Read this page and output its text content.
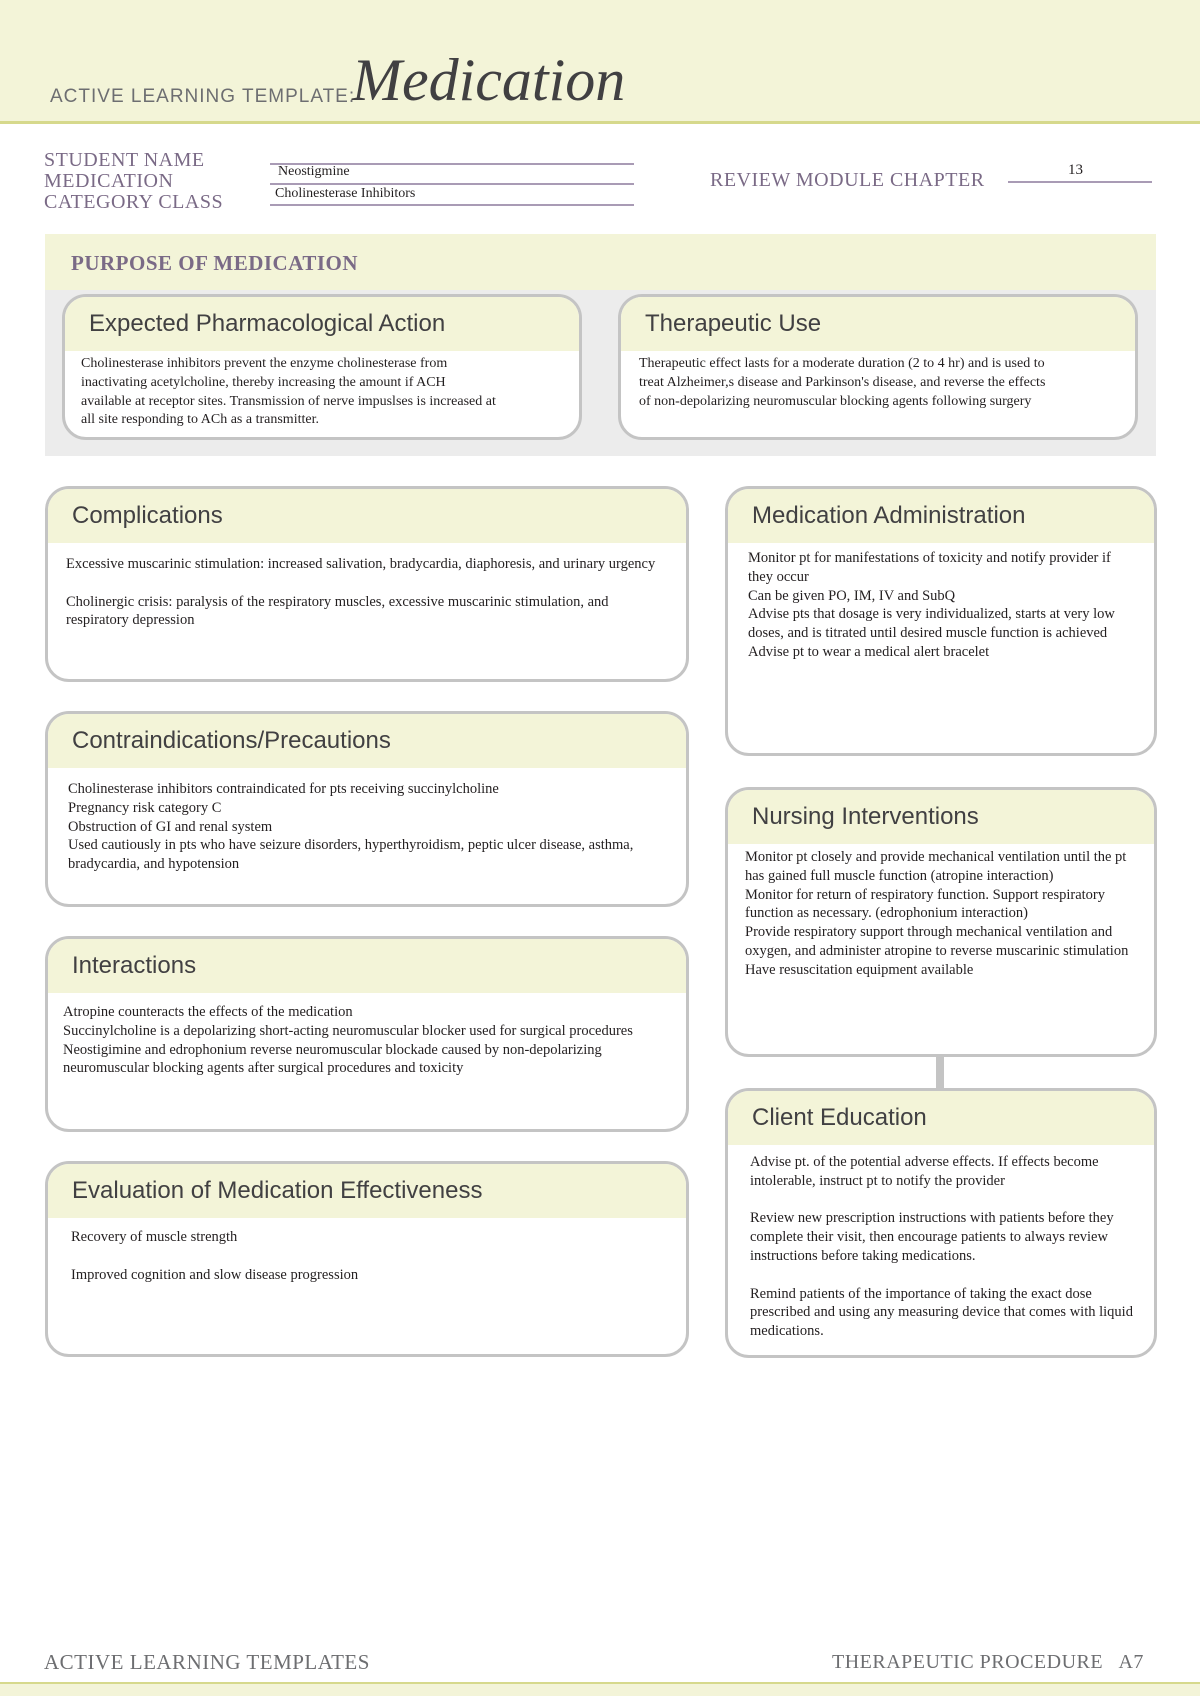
ACTIVE LEARNING TEMPLATE:
Medication
STUDENT NAME
MEDICATION
CATEGORY CLASS
Neostigmine
Cholinesterase Inhibitors
REVIEW MODULE CHAPTER	13
PURPOSE OF MEDICATION
Expected Pharmacological Action

Cholinesterase inhibitors prevent the enzyme cholinesterase from

inactivating acetylcholine, thereby increasing the amount if ACH

available at receptor sites. Transmission of nerve impuslses is increased at

all site responding to ACh as a transmitter.

Therapeutic Use

Therapeutic effect lasts for a moderate duration (2 to 4 hr) and is used to

treat Alzheimer,s disease and Parkinson's disease, and reverse the effects

of non-depolarizing neuromuscular blocking agents following surgery

Complications

Excessive muscarinic stimulation: increased salivation, bradycardia, diaphoresis, and urinary urgency

Cholinergic crisis: paralysis of the respiratory muscles, excessive muscarinic stimulation, and respiratory depression

Contraindications/Precautions

Cholinesterase inhibitors contraindicated for pts receiving succinylcholine

Pregnancy risk category C

Obstruction of GI and renal system

Used cautiously in pts who have seizure disorders, hyperthyroidism, peptic ulcer disease, asthma, bradycardia, and hypotension

Interactions

Atropine counteracts the effects of the medication

Succinylcholine is a depolarizing short-acting neuromuscular blocker used for surgical procedures

Neostigimine and edrophonium reverse neuromuscular blockade caused by non-depolarizing neuromuscular blocking agents after surgical procedures and toxicity

Evaluation of Medication Effectiveness

Recovery of muscle strength

Improved cognition and slow disease progression

Medication Administration

Monitor pt for manifestations of toxicity and notify provider if they occur

Can be given PO, IM, IV and SubQ

Advise pts that dosage is very individualized, starts at very low doses, and is titrated until desired muscle function is achieved

Advise pt to wear a medical alert bracelet

Nursing Interventions

Monitor pt closely and provide mechanical ventilation until the pt has gained full muscle function (atropine interaction)

Monitor for return of respiratory function. Support respiratory function as necessary. (edrophonium interaction)

Provide respiratory support through mechanical ventilation and oxygen, and administer atropine to reverse muscarinic stimulation

Have resuscitation equipment available

Client Education

Advise pt. of the potential adverse effects. If effects become intolerable, instruct pt to notify the provider

Review new prescription instructions with patients before they complete their visit, then encourage patients to always review instructions before taking medications.

Remind patients of the importance of taking the exact dose prescribed and using any measuring device that comes with liquid medications.

ACTIVE LEARNING TEMPLATES	THERAPEUTIC PROCEDURE   A7
